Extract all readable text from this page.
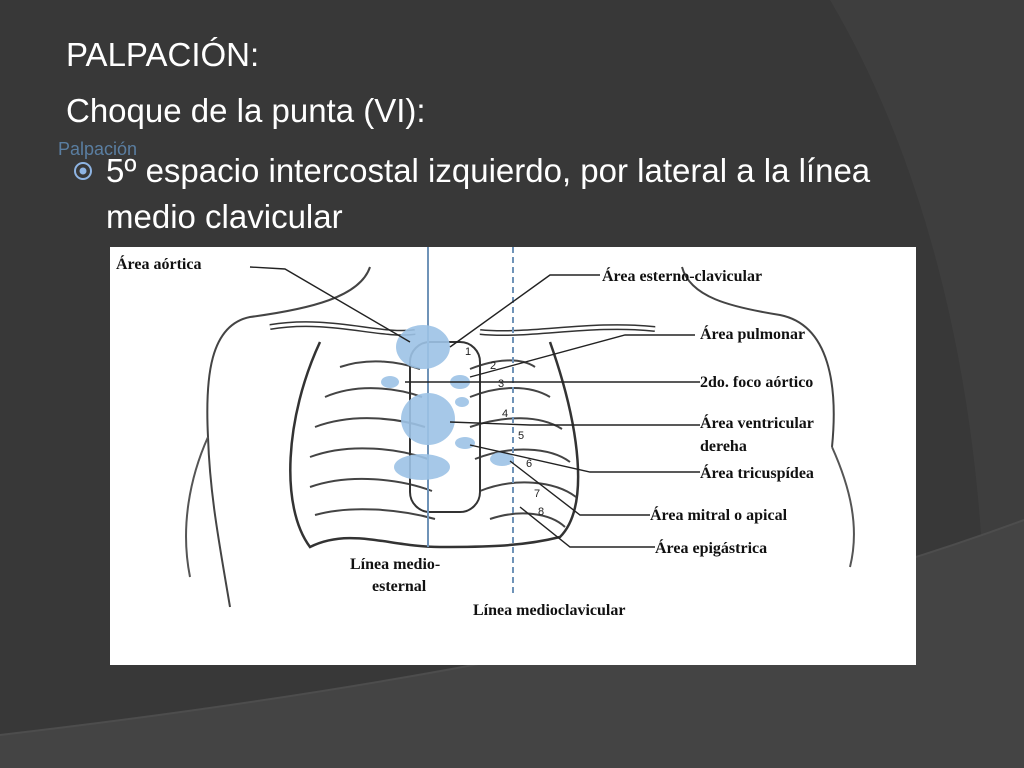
PALPACIÓN:
Choque de la punta (VI):
Palpación
5º espacio intercostal izquierdo, por lateral a la línea medio clavicular
1
2
3
4
5
6
7
8
Área aórtica
Área esterno-clavicular
Área pulmonar
2do. foco aórtico
Área ventricular
dereha
Área tricuspídea
Área mitral o apical
Área epigástrica
Línea medio-
esternal
Línea medioclavicular
